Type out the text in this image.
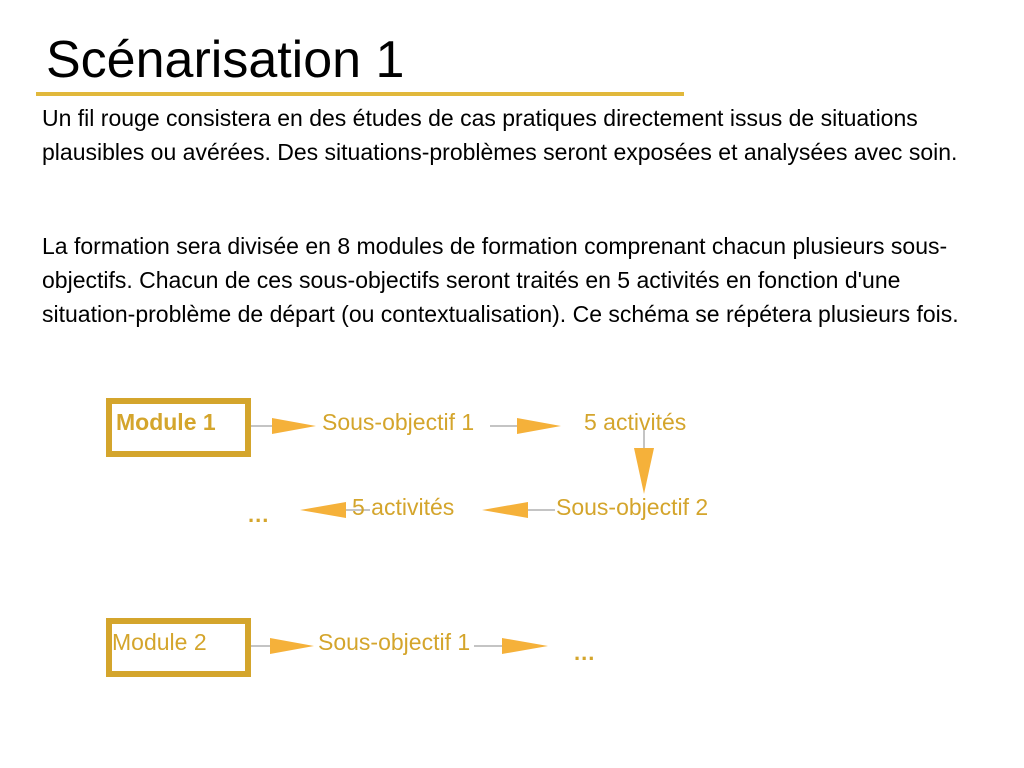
Scénarisation 1

Un fil rouge consistera en des études de cas pratiques directement issus de situations plausibles ou avérées. Des situations-problèmes seront exposées et analysées avec soin.

La formation sera divisée en 8 modules de formation comprenant chacun plusieurs sous-objectifs. Chacun de ces sous-objectifs seront traités en 5 activités en fonction d'une situation-problème de départ (ou contextualisation). Ce schéma se répétera plusieurs fois.

Module 1	Sous-objectif 1	5 activités
...	5 activités	Sous-objectif 2
Module 2	Sous-objectif 1	...
